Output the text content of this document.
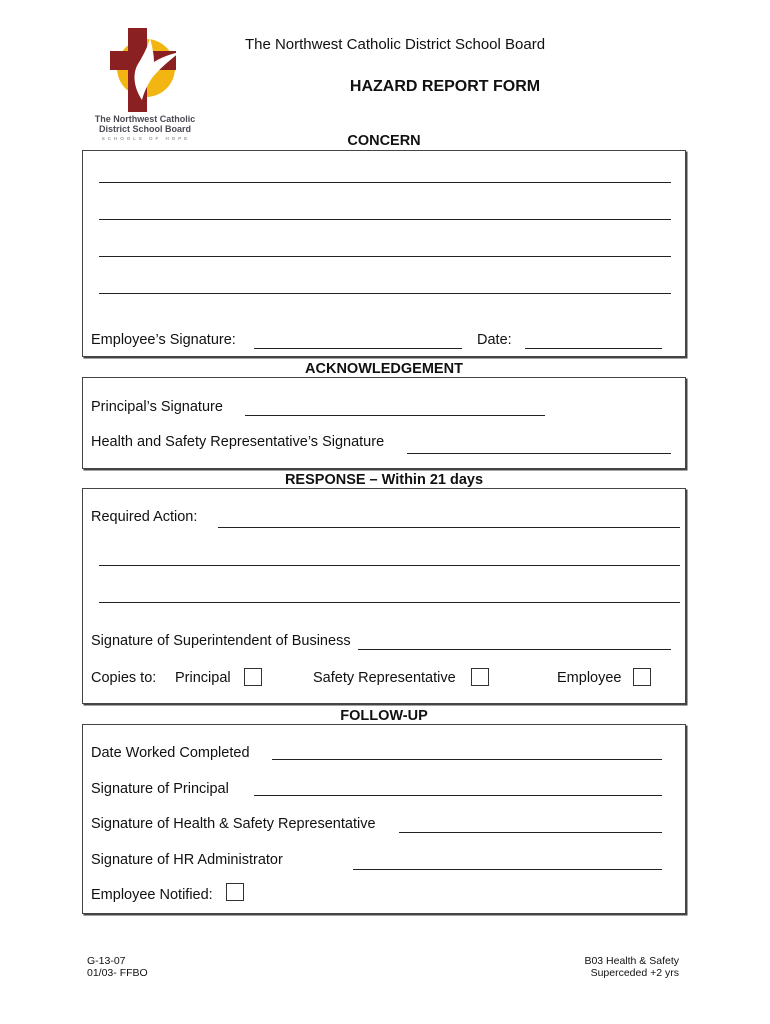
The Northwest Catholic
District School Board
SCHOOLS OF HOPE
The Northwest Catholic District School Board
HAZARD REPORT FORM
CONCERN
Employee’s Signature:	Date:
ACKNOWLEDGEMENT
Principal’s Signature
Health and Safety Representative’s Signature
RESPONSE – Within 21 days
Required Action:
Signature of Superintendent of Business
Copies to: Principal	Safety Representative	Employee
FOLLOW-UP
Date Worked Completed
Signature of Principal
Signature of Health & Safety Representative
Signature of HR Administrator
Employee Notified:
G-13-07
01/03- FFBO
B03 Health & Safety
Superceded +2 yrs
